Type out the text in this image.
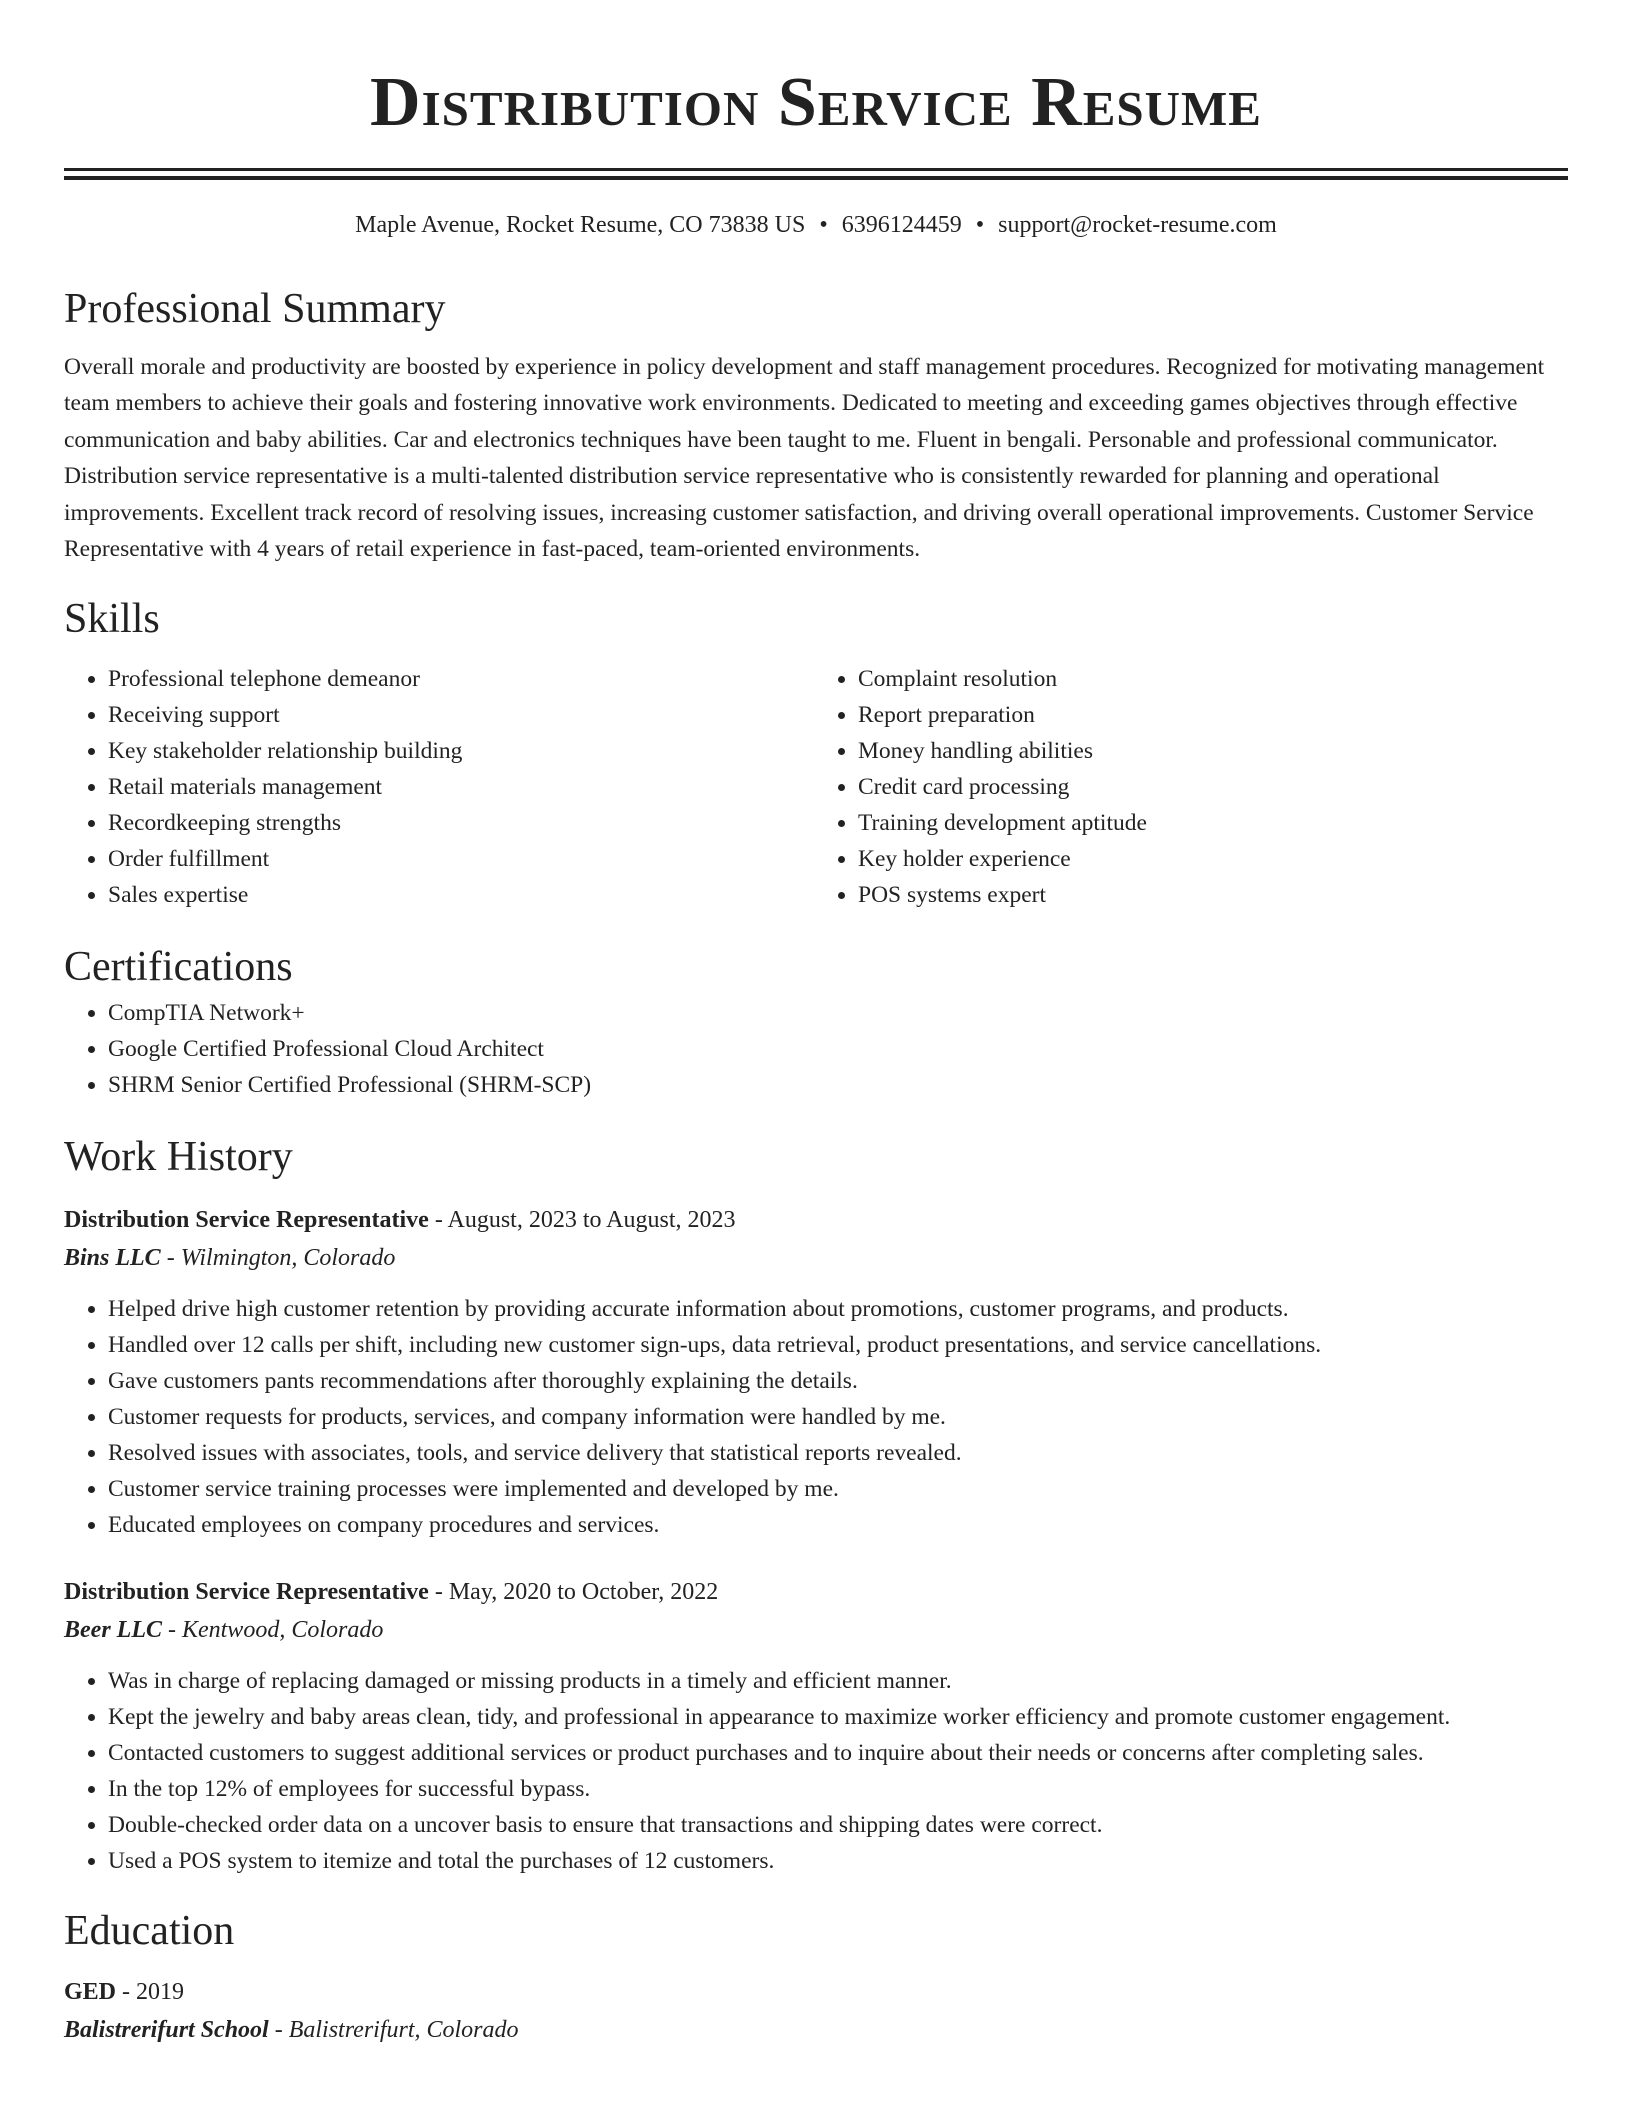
Distribution Service Resume
Maple Avenue, Rocket Resume, CO 73838 US • 6396124459 • support@rocket-resume.com
Professional Summary

Overall morale and productivity are boosted by experience in policy development and staff management procedures. Recognized for motivating management team members to achieve their goals and fostering innovative work environments. Dedicated to meeting and exceeding games objectives through effective communication and baby abilities. Car and electronics techniques have been taught to me. Fluent in bengali. Personable and professional communicator. Distribution service representative is a multi-talented distribution service representative who is consistently rewarded for planning and operational improvements. Excellent track record of resolving issues, increasing customer satisfaction, and driving overall operational improvements. Customer Service Representative with 4 years of retail experience in fast-paced, team-oriented environments.

Skills
• Professional telephone demeanor
• Receiving support
• Key stakeholder relationship building
• Retail materials management
• Recordkeeping strengths
• Order fulfillment
• Sales expertise
• Complaint resolution
• Report preparation
• Money handling abilities
• Credit card processing
• Training development aptitude
• Key holder experience
• POS systems expert
Certifications
• CompTIA Network+
• Google Certified Professional Cloud Architect
• SHRM Senior Certified Professional (SHRM-SCP)
Work History
Distribution Service Representative - August, 2023 to August, 2023
Bins LLC - Wilmington, Colorado
• Helped drive high customer retention by providing accurate information about promotions, customer programs, and products.
• Handled over 12 calls per shift, including new customer sign-ups, data retrieval, product presentations, and service cancellations.
• Gave customers pants recommendations after thoroughly explaining the details.
• Customer requests for products, services, and company information were handled by me.
• Resolved issues with associates, tools, and service delivery that statistical reports revealed.
• Customer service training processes were implemented and developed by me.
• Educated employees on company procedures and services.
Distribution Service Representative - May, 2020 to October, 2022
Beer LLC - Kentwood, Colorado
• Was in charge of replacing damaged or missing products in a timely and efficient manner.
• Kept the jewelry and baby areas clean, tidy, and professional in appearance to maximize worker efficiency and promote customer engagement.
• Contacted customers to suggest additional services or product purchases and to inquire about their needs or concerns after completing sales.
• In the top 12% of employees for successful bypass.
• Double-checked order data on a uncover basis to ensure that transactions and shipping dates were correct.
• Used a POS system to itemize and total the purchases of 12 customers.
Education
GED - 2019
Balistrerifurt School - Balistrerifurt, Colorado
